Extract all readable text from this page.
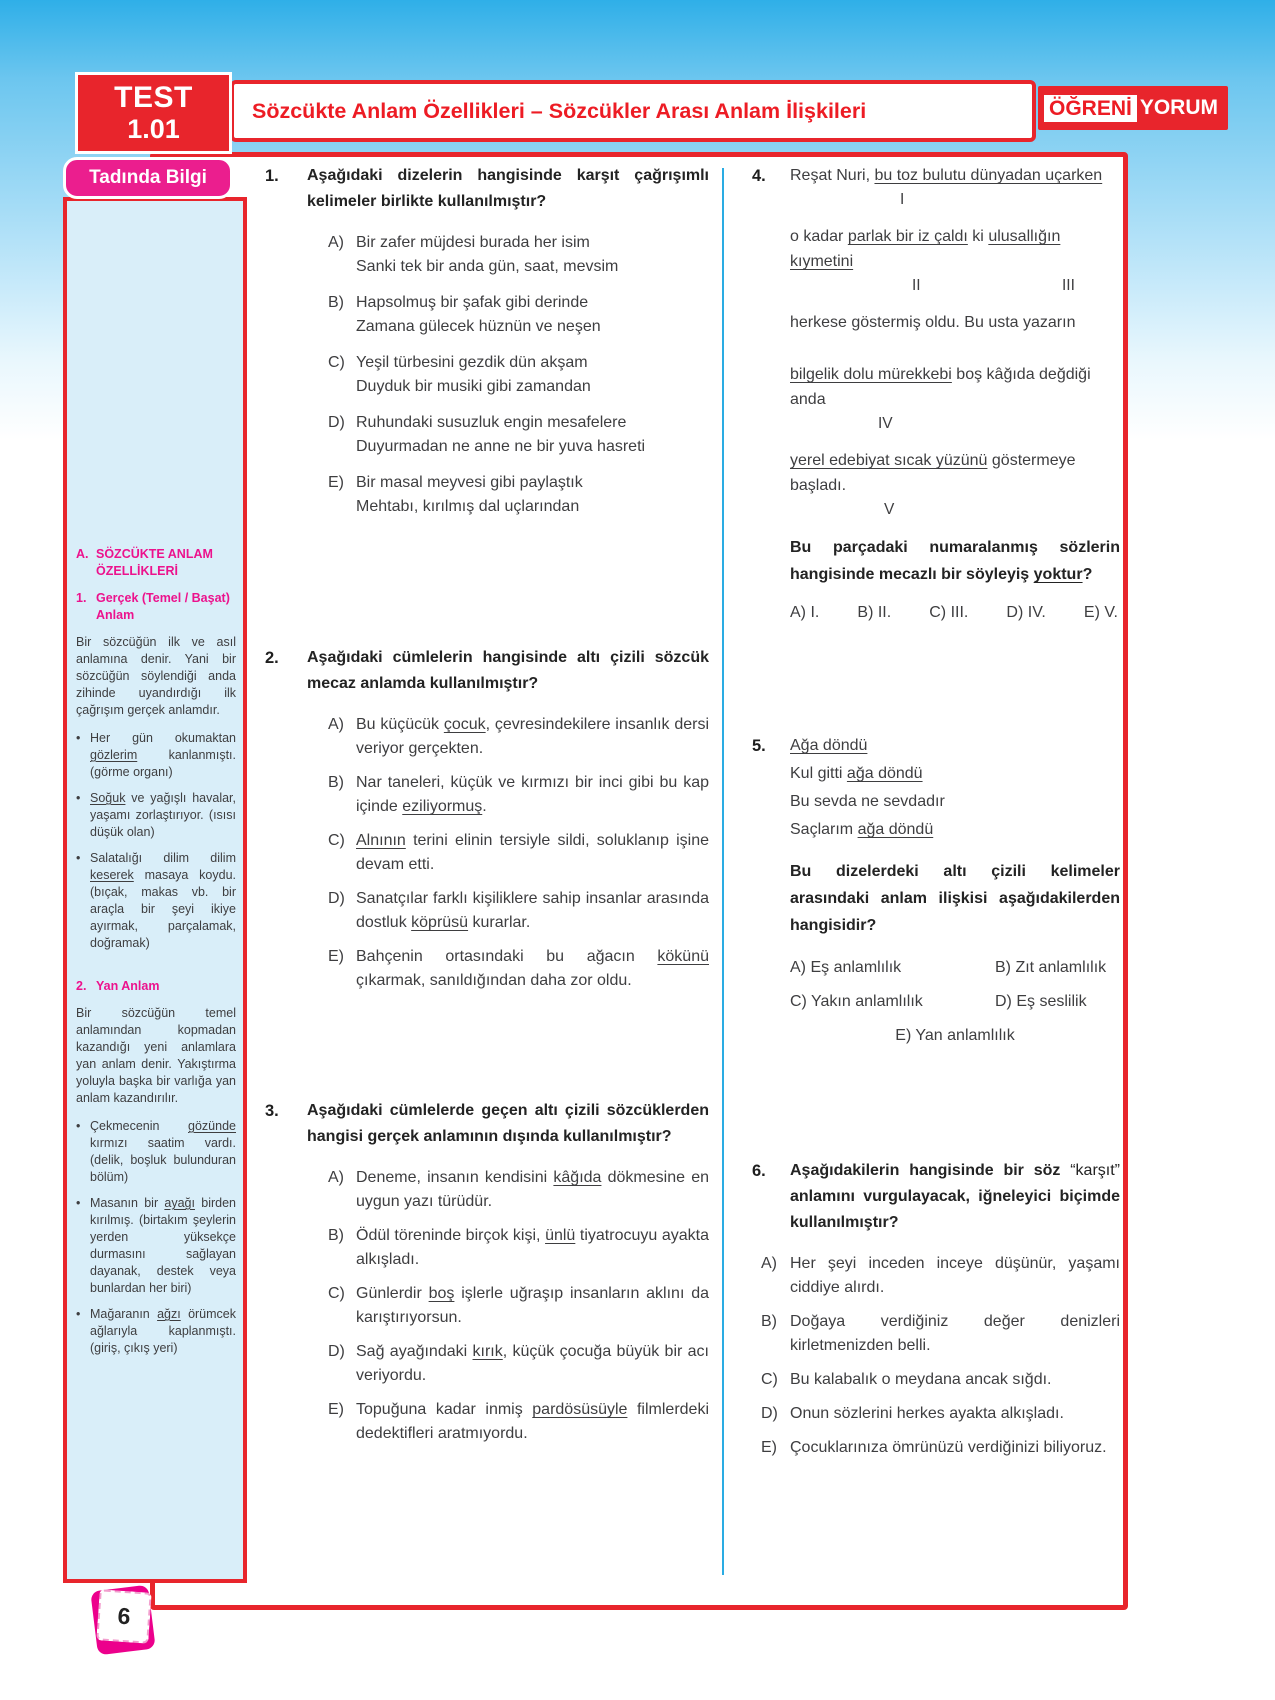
TEST
1.01
Sözcükte Anlam Özellikleri – Sözcükler Arası Anlam İlişkileri	ÖĞRENİ YORUM
A. SÖZCÜKTE ANLAM ÖZELLİKLERİ
1. Gerçek (Temel / Başat) Anlam
Bir sözcüğün ilk ve asıl anlamına denir. Yani bir sözcüğün söylendiği anda zihinde uyandırdığı ilk çağrışım gerçek anlamdır.
• Her gün okumaktan gözlerim kanlanmıştı. (görme organı)
• Soğuk ve yağışlı havalar, yaşamı zorlaştırıyor. (ısısı düşük olan)
• Salatalığı dilim dilim keserek masaya koydu. (bıçak, makas vb. bir araçla bir şeyi ikiye ayırmak, parçalamak, doğramak)
2. Yan Anlam
Bir sözcüğün temel anlamından kopmadan kazandığı yeni anlamlara yan anlam denir. Yakıştırma yoluyla başka bir varlığa yan anlam kazandırılır.
• Çekmecenin gözünde kırmızı saatim vardı. (delik, boşluk bulunduran bölüm)
• Masanın bir ayağı birden kırılmış. (birtakım şeylerin yerden yüksekçe durmasını sağlayan dayanak, destek veya bunlardan her biri)
• Mağaranın ağzı örümcek ağlarıyla kaplanmıştı. (giriş, çıkış yeri)
Tadında Bilgi	1.	Aşağıdaki dizelerin hangisinde karşıt çağrışımlı kelimeler birlikte kullanılmıştır?
A) Bir zafer müjdesi burada her isim
Sanki tek bir anda gün, saat, mevsim
B) Hapsolmuş bir şafak gibi derinde
Zamana gülecek hüznün ve neşen
C) Yeşil türbesini gezdik dün akşam
Duyduk bir musiki gibi zamandan
D) Ruhundaki susuzluk engin mesafelere
Duyurmadan ne anne ne bir yuva hasreti
E) Bir masal meyvesi gibi paylaştık
Mehtabı, kırılmış dal uçlarından
2.	Aşağıdaki cümlelerin hangisinde altı çizili sözcük mecaz anlamda kullanılmıştır?
A) Bu küçücük çocuk, çevresindekilere insanlık dersi veriyor gerçekten.
B) Nar taneleri, küçük ve kırmızı bir inci gibi bu kap içinde eziliyormuş.
C) Alnının terini elinin tersiyle sildi, soluklanıp işine devam etti.
D) Sanatçılar farklı kişiliklere sahip insanlar arasında dostluk köprüsü kurarlar.
E) Bahçenin ortasındaki bu ağacın kökünü çıkarmak, sanıldığından daha zor oldu.
3.	Aşağıdaki cümlelerde geçen altı çizili sözcüklerden hangisi gerçek anlamının dışında kullanılmıştır?
A) Deneme, insanın kendisini kâğıda dökmesine en uygun yazı türüdür.
B) Ödül töreninde birçok kişi, ünlü tiyatrocuyu ayakta alkışladı.
C) Günlerdir boş işlerle uğraşıp insanların aklını da karıştırıyorsun.
D) Sağ ayağındaki kırık, küçük çocuğa büyük bir acı veriyordu.
E) Topuğuna kadar inmiş pardösüsüyle filmlerdeki dedektifleri aratmıyordu.
4.	Reşat Nuri, bu toz bulutu dünyadan uçarken
I
o kadar parlak bir iz çaldı ki ulusallığın kıymetini
II	III
herkese göstermiş oldu. Bu usta yazarın
bilgelik dolu mürekkebi boş kâğıda değdiği anda
IV
yerel edebiyat sıcak yüzünü göstermeye başladı.
V
Bu parçadaki numaralanmış sözlerin hangisinde mecazlı bir söyleyiş yoktur?
A) I. B) II. C) III. D) IV. E) V.
5.	Ağa döndü
Kul gitti ağa döndü
Bu sevda ne sevdadır
Saçlarım ağa döndü
Bu dizelerdeki altı çizili kelimeler arasındaki anlam ilişkisi aşağıdakilerden hangisidir?
A) Eş anlamlılık	B) Zıt anlamlılık
C) Yakın anlamlılık	D) Eş seslilik
E) Yan anlamlılık
6.	Aşağıdakilerin hangisinde bir söz “karşıt” anlamını vurgulayacak, iğneleyici biçimde kullanılmıştır?
A) Her şeyi inceden inceye düşünür, yaşamı ciddiye alırdı.
B) Doğaya verdiğiniz değer denizleri kirletmenizden belli.
C) Bu kalabalık o meydana ancak sığdı.
D) Onun sözlerini herkes ayakta alkışladı.
E) Çocuklarınıza ömrünüzü verdiğinizi biliyoruz.
6
